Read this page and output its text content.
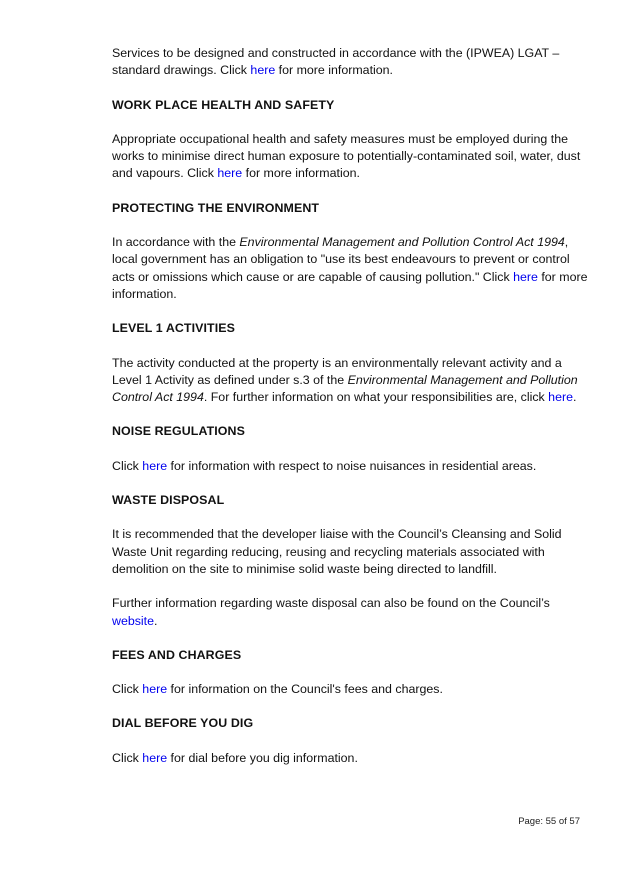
Services to be designed and constructed in accordance with the (IPWEA) LGAT – standard drawings. Click here for more information.

WORK PLACE HEALTH AND SAFETY

Appropriate occupational health and safety measures must be employed during the works to minimise direct human exposure to potentially-contaminated soil, water, dust and vapours. Click here for more information.

PROTECTING THE ENVIRONMENT

In accordance with the Environmental Management and Pollution Control Act 1994, local government has an obligation to "use its best endeavours to prevent or control acts or omissions which cause or are capable of causing pollution." Click here for more information.

LEVEL 1 ACTIVITIES

The activity conducted at the property is an environmentally relevant activity and a Level 1 Activity as defined under s.3 of the Environmental Management and Pollution Control Act 1994. For further information on what your responsibilities are, click here.

NOISE REGULATIONS

Click here for information with respect to noise nuisances in residential areas.

WASTE DISPOSAL

It is recommended that the developer liaise with the Council’s Cleansing and Solid Waste Unit regarding reducing, reusing and recycling materials associated with demolition on the site to minimise solid waste being directed to landfill.

Further information regarding waste disposal can also be found on the Council’s website.

FEES AND CHARGES

Click here for information on the Council's fees and charges.

DIAL BEFORE YOU DIG

Click here for dial before you dig information.

Page: 55 of 57
